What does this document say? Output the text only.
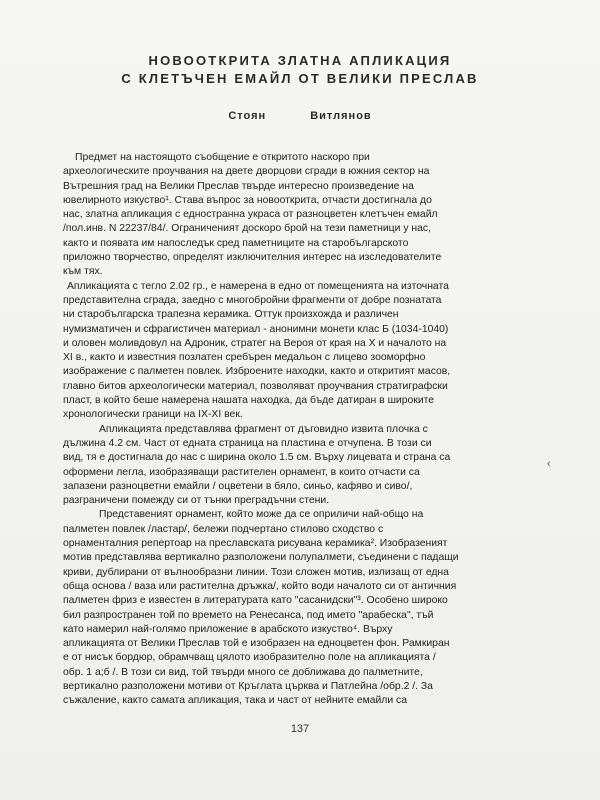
НОВООТКРИТА ЗЛАТНА АПЛИКАЦИЯ
С КЛЕТЪЧЕН ЕМАЙЛ ОТ ВЕЛИКИ ПРЕСЛАВ
Стоян Витлянов
Предмет на настоящото съобщение е откритото наскоро при
археологическите проучвания на двете дворцови сгради в южния сектор на
Вътрешния град на Велики Преслав твърде интересно произведение на
ювелирното изкуство¹. Става въпрос за новооткрита, отчасти достигнала до
нас, златна апликация с едностранна украса от разноцветен клетъчен емайл
/пол.инв. N 22237/84/. Ограниченият доскоро брой на тези паметници у нас,
както и появата им напоследък сред паметниците на старобългарското
приложно творчество, определят изключителния интерес на изследователите
към тях.
Апликацията с тегло 2.02 гр., е намерена в едно от помещенията на източната
представителна сграда, заедно с многобройни фрагменти от добре познатата
ни старобългарска трапезна керамика. Оттук произхожда и различен
нумизматичен и сфрагистичен материал - анонимни монети клас Б (1034-1040)
и оловен моливдовул на Адроник, стратег на Вероя от края на X и началото на
XI в., както и известния позлатен сребърен медальон с лицево зооморфно
изображение с палметен повлек. Изброените находки, както и откритият масов,
главно битов археологически материал, позволяват проучвания стратиграфски
пласт, в който беше намерена нашата находка, да бъде датиран в широките
хронологически граници на IX-XI век.
Апликацията представлява фрагмент от дъговидно извита плочка с
дължина 4.2 см. Част от едната страница на пластина е отчупена. В този си
вид, тя е достигнала до нас с ширина около 1.5 см. Върху лицевата и страна са
оформени легла, изобразяващи растителен орнамент, в които отчасти са
запазени разноцветни емайли / оцветени в бяло, синьо, кафяво и сиво/,
разграничени помежду си от тънки преградъчни стени.
Представеният орнамент, който може да се оприличи най-общо на
палметен повлек /ластар/, бележи подчертано стилово сходство с
орнаменталния репертоар на преславската рисувана керамика². Изобразеният
мотив представлява вертикално разположени полупалмети, съединени с падащи
криви, дублирани от вълнообразни линии. Този сложен мотив, излизащ от една
обща основа / ваза или растителна дръжка/, който води началото си от античния
палметен фриз е известен в литературата като "сасанидски"³. Особено широко
бил разпространен той по времето на Ренесанса, под името "арабеска", тъй
като намерил най-голямо приложение в арабското изкуство⁴. Върху
апликацията от Велики Преслав той е изобразен на едноцветен фон. Рамкиран
е от нисък бордюр, обрамчващ цялото изобразително поле на апликацията /
обр. 1 а;б /. В този си вид, той твърди много се доближава до палметните,
вертикално разположени мотиви от Кръглата църква и Патлейна /обр.2 /. За
съжаление, както самата апликация, така и част от нейните емайли са
‹
137
